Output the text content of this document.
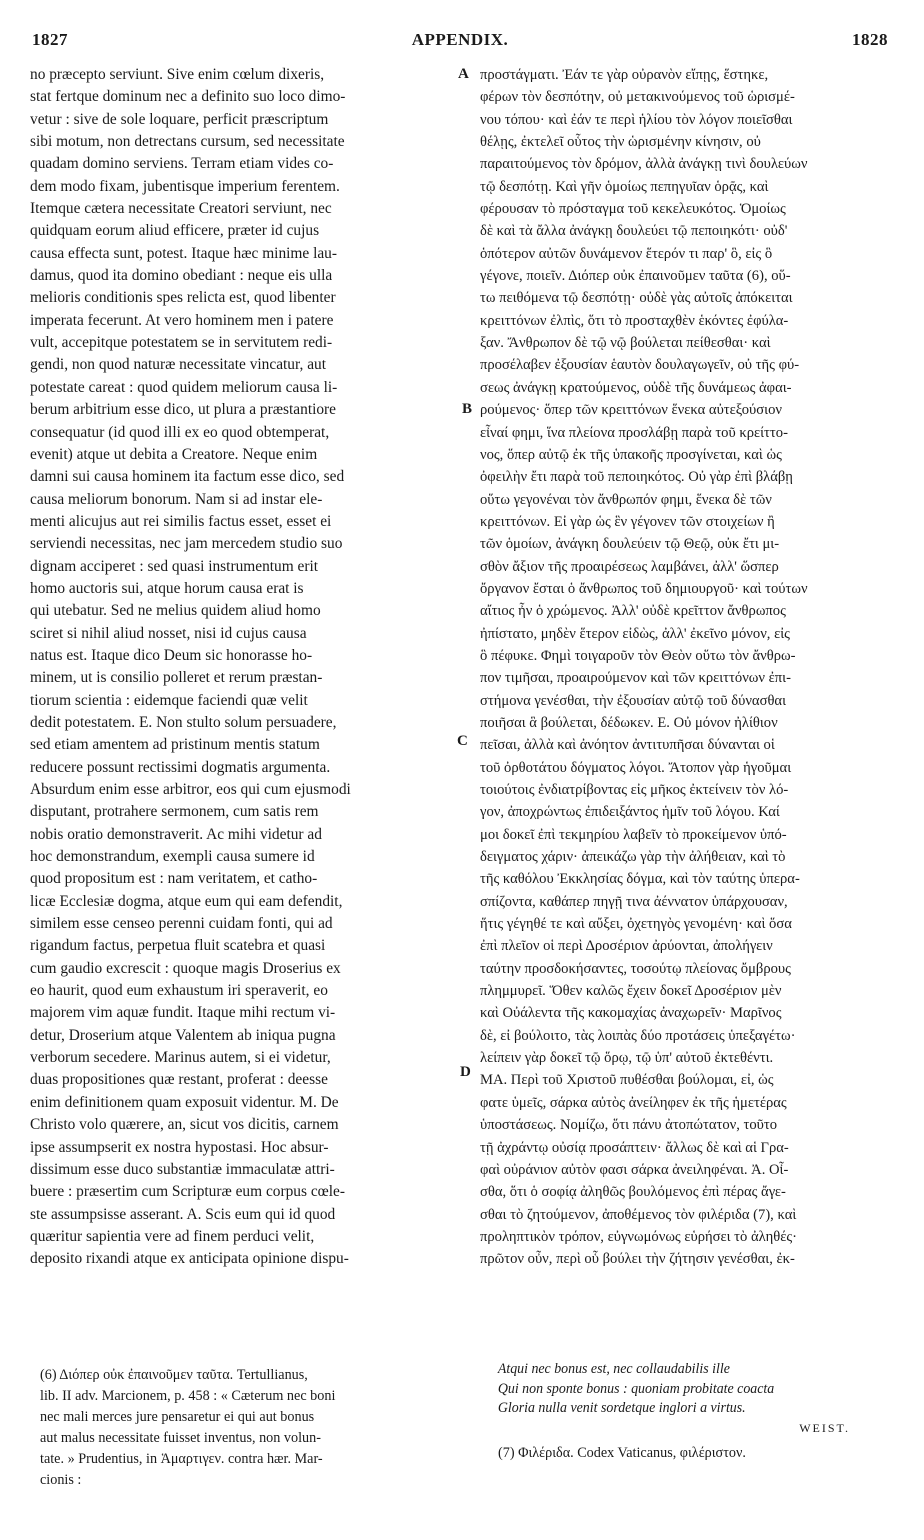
1827	APPENDIX.	1828
no præcepto serviunt. Sive enim cœlum dixeris,
stat fertque dominum nec a definito suo loco dimo-
vetur : sive de sole loquare, perficit præscriptum
sibi motum, non detrectans cursum, sed necessitate
quadam domino serviens. Terram etiam vides co-
dem modo fixam, jubentisque imperium ferentem.
Itemque cætera necessitate Creatori serviunt, nec
quidquam eorum aliud efficere, præter id cujus
causa effecta sunt, potest. Itaque hæc minime lau-
damus, quod ita domino obediant : neque eis ulla
melioris conditionis spes relicta est, quod libenter
imperata fecerunt. At vero hominem men i patere
vult, accepitque potestatem se in servitutem redi-
gendi, non quod naturæ necessitate vincatur, aut
potestate careat : quod quidem meliorum causa li-
berum arbitrium esse dico, ut plura a præstantiore
consequatur (id quod illi ex eo quod obtemperat,
evenit) atque ut debita a Creatore. Neque enim
damni sui causa hominem ita factum esse dico, sed
causa meliorum bonorum. Nam si ad instar ele-
menti alicujus aut rei similis factus esset, esset ei
serviendi necessitas, nec jam mercedem studio suo
dignam acciperet : sed quasi instrumentum erit
homo auctoris sui, atque horum causa erat is
qui utebatur. Sed ne melius quidem aliud homo
sciret si nihil aliud nosset, nisi id cujus causa
natus est. Itaque dico Deum sic honorasse ho-
minem, ut is consilio polleret et rerum præstan-
tiorum scientia : eidemque faciendi quæ velit
dedit potestatem. E. Non stulto solum persuadere,
sed etiam amentem ad pristinum mentis statum
reducere possunt rectissimi dogmatis argumenta.
Absurdum enim esse arbitror, eos qui cum ejusmodi
disputant, protrahere sermonem, cum satis rem
nobis oratio demonstraverit. Ac mihi videtur ad
hoc demonstrandum, exempli causa sumere id
quod propositum est : nam veritatem, et catho-
licæ Ecclesiæ dogma, atque eum qui eam defendit,
similem esse censeo perenni cuidam fonti, qui ad
rigandum factus, perpetua fluit scatebra et quasi
cum gaudio excrescit : quoque magis Droserius ex
eo haurit, quod eum exhaustum iri speraverit, eo
majorem vim aquæ fundit. Itaque mihi rectum vi-
detur, Droserium atque Valentem ab iniqua pugna
verborum secedere. Marinus autem, si ei videtur,
duas propositiones quæ restant, proferat : deesse
enim definitionem quam exposuit videntur. M. De
Christo volo quærere, an, sicut vos dicitis, carnem
ipse assumpserit ex nostra hypostasi. Hoc absur-
dissimum esse duco substantiæ immaculatæ attri-
buere : præsertim cum Scripturæ eum corpus cœle-
ste assumpsisse asserant. A. Scis eum qui id quod
quæritur sapientia vere ad finem perduci velit,
deposito rixandi atque ex anticipata opinione dispu-
προστάγματι. Ἐάν τε γὰρ οὐρανὸν εἴπῃς, ἕστηκε,
φέρων τὸν δεσπότην, οὐ μετακινούμενος τοῦ ὡρισμέ-
νου τόπου· καὶ ἐάν τε περὶ ἡλίου τὸν λόγον ποιεῖσθαι
θέλῃς, ἐκτελεῖ οὗτος τὴν ὡρισμένην κίνησιν, οὐ
παραιτούμενος τὸν δρόμον, ἀλλὰ ἀνάγκῃ τινὶ δουλεύων
τῷ δεσπότῃ. Καὶ γῆν ὁμοίως πεπηγυῖαν ὁρᾷς, καὶ
φέρουσαν τὸ πρόσταγμα τοῦ κεκελευκότος. Ὁμοίως
δὲ καὶ τὰ ἄλλα ἀνάγκῃ δουλεύει τῷ πεποιηκότι· οὐδ'
ὁπότερον αὐτῶν δυνάμενον ἕτερόν τι παρ' ὃ, εἰς ὃ
γέγονε, ποιεῖν. Διόπερ οὐκ ἐπαινοῦμεν ταῦτα (6), οὕ-
τω πειθόμενα τῷ δεσπότῃ· οὐδὲ γὰς αὐτοῖς ἀπόκειται
κρειττόνων ἐλπὶς, ὅτι τὸ προσταχθὲν ἑκόντες ἐφύλα-
ξαν. Ἄνθρωπον δὲ τῷ νῷ βούλεται πείθεσθαι· καὶ
προσέλαβεν ἐξουσίαν ἑαυτὸν δουλαγωγεῖν, οὐ τῆς φύ-
σεως ἀνάγκῃ κρατούμενος, οὐδὲ τῆς δυνάμεως ἀφαι-
ρούμενος· ὅπερ τῶν κρειττόνων ἕνεκα αὐτεξούσιον
εἶναί φημι, ἵνα πλείονα προσλάβῃ παρὰ τοῦ κρείττο-
νος, ὅπερ αὐτῷ ἐκ τῆς ὑπακοῆς προσγίνεται, καὶ ὡς
ὀφειλὴν ἔτι παρὰ τοῦ πεποιηκότος. Οὐ γὰρ ἐπὶ βλάβῃ
οὕτω γεγονέναι τὸν ἄνθρωπόν φημι, ἕνεκα δὲ τῶν
κρειττόνων. Εἰ γὰρ ὡς ἓν γέγονεν τῶν στοιχείων ἢ
τῶν ὁμοίων, ἀνάγκη δουλεύειν τῷ Θεῷ, οὐκ ἔτι μι-
σθὸν ἄξιον τῆς προαιρέσεως λαμβάνει, ἀλλ' ὥσπερ
ὄργανον ἔσται ὁ ἄνθρωπος τοῦ δημιουργοῦ· καὶ τούτων
αἴτιος ἦν ὁ χρώμενος. Ἀλλ' οὐδὲ κρεῖττον ἄνθρωπος
ἠπίστατο, μηδὲν ἕτερον εἰδὼς, ἀλλ' ἐκεῖνο μόνον, εἰς
ὃ πέφυκε. Φημὶ τοιγαροῦν τὸν Θεὸν οὕτω τὸν ἄνθρω-
πον τιμῆσαι, προαιρούμενον καὶ τῶν κρειττόνων ἐπι-
στήμονα γενέσθαι, τὴν ἐξουσίαν αὐτῷ τοῦ δύνασθαι
ποιῆσαι ἃ βούλεται, δέδωκεν. Ε. Οὐ μόνον ἠλίθιον
πεῖσαι, ἀλλὰ καὶ ἀνόητον ἀντιτυπῆσαι δύνανται οἱ
τοῦ ὀρθοτάτου δόγματος λόγοι. Ἄτοπον γὰρ ἡγοῦμαι
τοιούτοις ἐνδιατρίβοντας εἰς μῆκος ἐκτείνειν τὸν λό-
γον, ἀποχρώντως ἐπιδειξάντος ἡμῖν τοῦ λόγου. Καί
μοι δοκεῖ ἐπὶ τεκμηρίου λαβεῖν τὸ προκείμενον ὑπό-
δειγματος χάριν· ἀπεικάζω γὰρ τὴν ἀλήθειαν, καὶ τὸ
τῆς καθόλου Ἐκκλησίας δόγμα, καὶ τὸν ταύτης ὑπερα-
σπίζοντα, καθάπερ πηγῇ τινα ἀέννατον ὑπάρχουσαν,
ἥτις γέγηθέ τε καὶ αὔξει, ὀχετηγὸς γενομένη· καὶ ὅσα
ἐπὶ πλεῖον οἱ περὶ Δροσέριον ἀρύονται, ἀπολήγειν
ταύτην προσδοκήσαντες, τοσούτῳ πλείονας ὄμβρους
πλημμυρεῖ. Ὅθεν καλῶς ἔχειν δοκεῖ Δροσέριον μὲν
καὶ Οὐάλεντα τῆς κακομαχίας ἀναχωρεῖν· Μαρῖνος
δὲ, εἰ βούλοιτο, τὰς λοιπὰς δύο προτάσεις ὑπεξαγέτω·
λείπειν γὰρ δοκεῖ τῷ ὅρῳ, τῷ ὑπ' αὐτοῦ ἐκτεθέντι.
ΜΑ. Περὶ τοῦ Χριστοῦ πυθέσθαι βούλομαι, εἰ, ὡς
φατε ὑμεῖς, σάρκα αὐτὸς ἀνείληφεν ἐκ τῆς ἡμετέρας
ὑποστάσεως. Νομίζω, ὅτι πάνυ ἀτοπώτατον, τοῦτο
τῇ ἀχράντῳ οὐσίᾳ προσάπτειν· ἄλλως δὲ καὶ αἱ Γρα-
φαὶ οὐράνιον αὐτὸν φασι σάρκα ἀνειληφέναι. Ἀ. Οἶ-
σθα, ὅτι ὁ σοφίᾳ ἀληθῶς βουλόμενος ἐπὶ πέρας ἄγε-
σθαι τὸ ζητούμενον, ἀποθέμενος τὸν φιλέριδα (7), καὶ
προληπτικὸν τρόπον, εὐγνωμόνως εὑρήσει τὸ ἀληθές·
πρῶτον οὖν, περὶ οὗ βούλει τὴν ζήτησιν γενέσθαι, ἐκ-
A
B
C
D
(6) Διόπερ οὐκ ἐπαινοῦμεν ταῦτα. Tertullianus,
lib. II adv. Marcionem, p. 458 : « Cæterum nec boni
nec mali merces jure pensaretur ei qui aut bonus
aut malus necessitate fuisset inventus, non volun-
tate. » Prudentius, in Ἁμαρτιγεν. contra hær. Mar-
cionis :
Atqui nec bonus est, nec collaudabilis ille
Qui non sponte bonus : quoniam probitate coacta
Gloria nulla venit sordetque inglori a virtus.
WEIST.
(7) Φιλέριδα. Codex Vaticanus, φιλέριστον.
